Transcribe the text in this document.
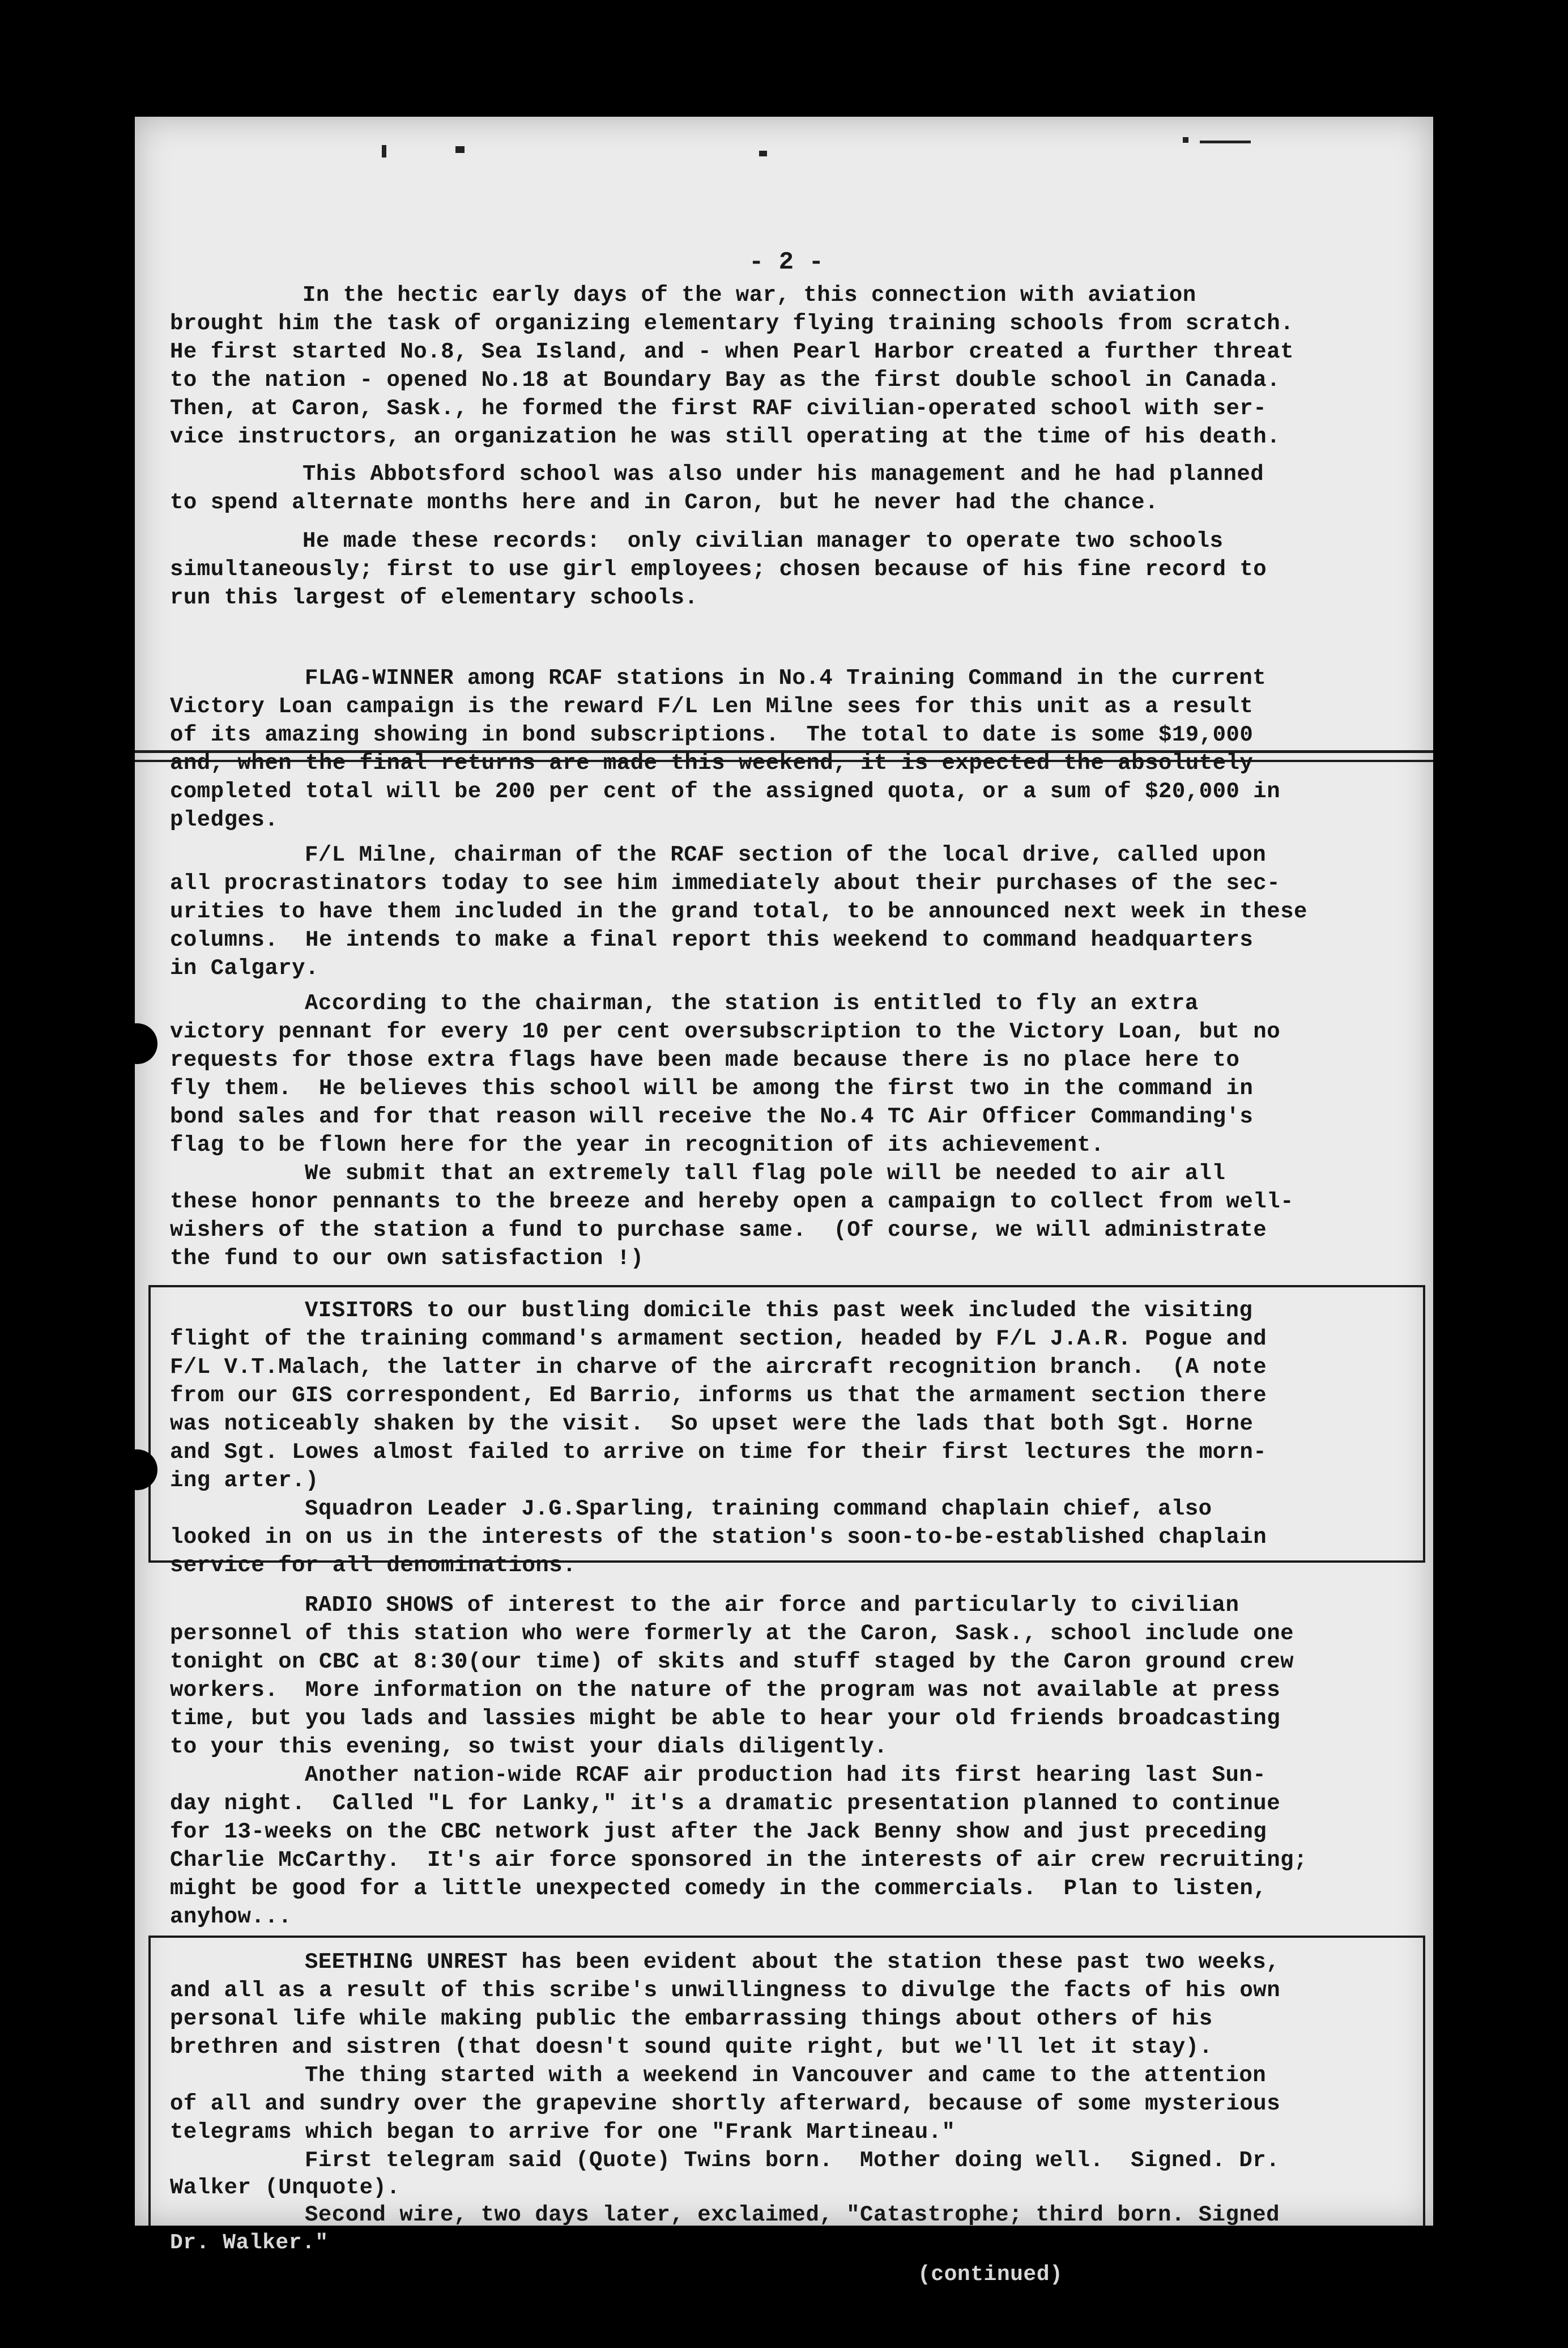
- 2 -
In the hectic early days of the war, this connection with aviation
brought him the task of organizing elementary flying training schools from scratch.
He first started No.8, Sea Island, and - when Pearl Harbor created a further threat
to the nation - opened No.18 at Boundary Bay as the first double school in Canada.
Then, at Caron, Sask., he formed the first RAF civilian-operated school with ser-
vice instructors, an organization he was still operating at the time of his death.
This Abbotsford school was also under his management and he had planned
to spend alternate months here and in Caron, but he never had the chance.
He made these records:  only civilian manager to operate two schools
simultaneously; first to use girl employees; chosen because of his fine record to
run this largest of elementary schools.
FLAG-WINNER among RCAF stations in No.4 Training Command in the current
Victory Loan campaign is the reward F/L Len Milne sees for this unit as a result
of its amazing showing in bond subscriptions.  The total to date is some $19,000
and, when the final returns are made this weekend, it is expected the absolutely
completed total will be 200 per cent of the assigned quota, or a sum of $20,000 in
pledges.
F/L Milne, chairman of the RCAF section of the local drive, called upon
all procrastinators today to see him immediately about their purchases of the sec-
urities to have them included in the grand total, to be announced next week in these
columns.  He intends to make a final report this weekend to command headquarters
in Calgary.
According to the chairman, the station is entitled to fly an extra
victory pennant for every 10 per cent oversubscription to the Victory Loan, but no
requests for those extra flags have been made because there is no place here to
fly them.  He believes this school will be among the first two in the command in
bond sales and for that reason will receive the No.4 TC Air Officer Commanding's
flag to be flown here for the year in recognition of its achievement.
We submit that an extremely tall flag pole will be needed to air all
these honor pennants to the breeze and hereby open a campaign to collect from well-
wishers of the station a fund to purchase same.  (Of course, we will administrate
the fund to our own satisfaction !)
VISITORS to our bustling domicile this past week included the visiting
flight of the training command's armament section, headed by F/L J.A.R. Pogue and
F/L V.T.Malach, the latter in charve of the aircraft recognition branch.  (A note
from our GIS correspondent, Ed Barrio, informs us that the armament section there
was noticeably shaken by the visit.  So upset were the lads that both Sgt. Horne
and Sgt. Lowes almost failed to arrive on time for their first lectures the morn-
ing arter.)
Squadron Leader J.G.Sparling, training command chaplain chief, also
looked in on us in the interests of the station's soon-to-be-established chaplain
service for all denominations.
RADIO SHOWS of interest to the air force and particularly to civilian
personnel of this station who were formerly at the Caron, Sask., school include one
tonight on CBC at 8:30(our time) of skits and stuff staged by the Caron ground crew
workers.  More information on the nature of the program was not available at press
time, but you lads and lassies might be able to hear your old friends broadcasting
to your this evening, so twist your dials diligently.
Another nation-wide RCAF air production had its first hearing last Sun-
day night.  Called "L for Lanky," it's a dramatic presentation planned to continue
for 13-weeks on the CBC network just after the Jack Benny show and just preceding
Charlie McCarthy.  It's air force sponsored in the interests of air crew recruiting;
might be good for a little unexpected comedy in the commercials.  Plan to listen,
anyhow...
SEETHING UNREST has been evident about the station these past two weeks,
and all as a result of this scribe's unwillingness to divulge the facts of his own
personal life while making public the embarrassing things about others of his
brethren and sistren (that doesn't sound quite right, but we'll let it stay).
The thing started with a weekend in Vancouver and came to the attention
of all and sundry over the grapevine shortly afterward, because of some mysterious
telegrams which began to arrive for one "Frank Martineau."
First telegram said (Quote) Twins born.  Mother doing well.  Signed. Dr.
Walker (Unquote).
Second wire, two days later, exclaimed, "Catastrophe; third born. Signed
Dr. Walker."
(continued)
